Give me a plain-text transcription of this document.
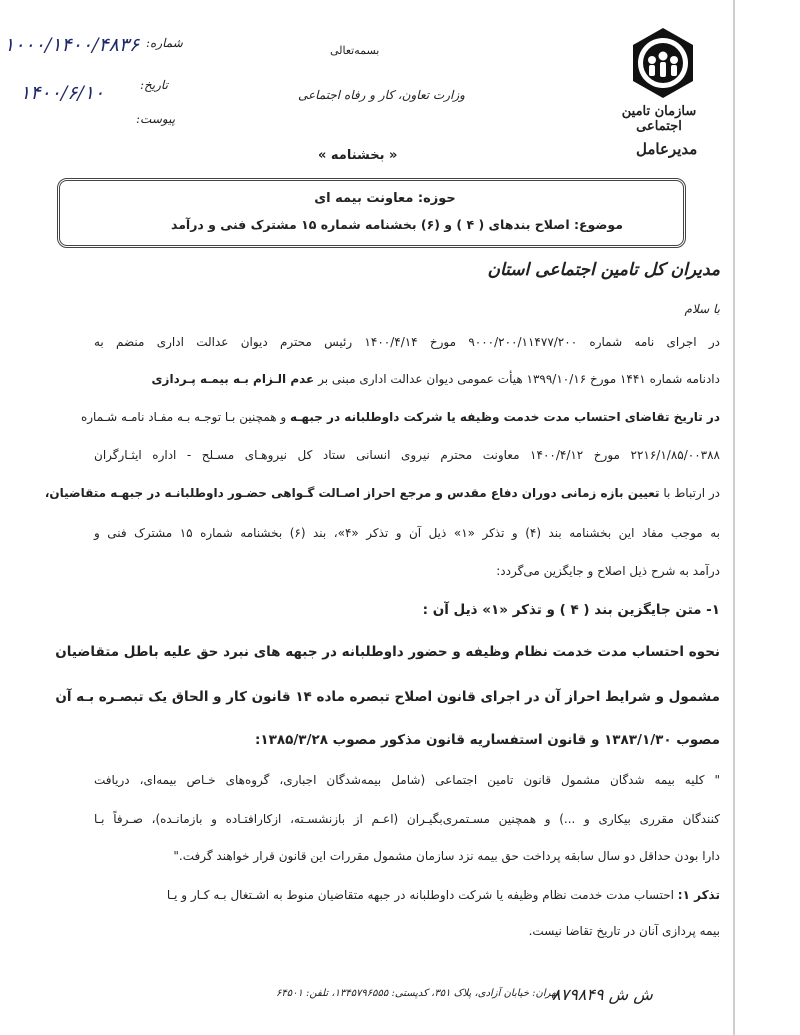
سازمان تامین اجتماعی
مدیرعامل
بسمه‌تعالی
وزارت تعاون، کار و رفاه اجتماعی
« بخشنامه »
شماره:
تاریخ:
پیوست:
۱۰۰۰/۱۴۰۰/۴۸۳۶
۱۴۰۰/۶/۱۰
حوزه: معاونت بیمه ای
موضوع: اصلاح بندهای ( ۴ ) و (۶) بخشنامه شماره ۱۵ مشترک فنی و درآمد
مدیران کل تامین اجتماعی استان
با سلام
در اجرای نامه شماره ۹۰۰۰/۲۰۰/۱۱۴۷۷/۲۰۰ مورخ ۱۴۰۰/۴/۱۴ رئیس محترم دیوان عدالت اداری منضم به
دادنامه شماره ۱۴۴۱ مورخ ۱۳۹۹/۱۰/۱۶ هیأت عمومی دیوان عدالت اداری مبنی بر عدم الـزام بـه بیمـه پـردازی
در تاریخ تقاضای احتساب مدت خدمت وظیفه یا شرکت داوطلبانه در جبهـه و همچنین بـا توجـه بـه مفـاد نامـه شـماره
۲۲۱۶/۱/۸۵/۰۰۳۸۸ مورخ ۱۴۰۰/۴/۱۲ معاونت محترم نیروی انسانی ستاد کل نیروهـای مسـلح - اداره ایثـارگران
در ارتباط با تعیین بازه زمانی دوران دفاع مقدس و مرجع احراز اصـالت گـواهی حضـور داوطلبانـه در جبهـه متقاضیان،
به موجب مفاد این بخشنامه بند (۴) و تذکر «۱» ذیل آن و تذکر «۴»، بند (۶) بخشنامه شماره ۱۵ مشترک فنی و
درآمد به شرح ذیل اصلاح و جایگزین می‌گردد:
۱- متن جایگزین بند ( ۴ ) و تذکر «۱» ذیل آن :
نحوه احتساب مدت خدمت نظام وظیفه و حضور داوطلبانه در جبهه های نبرد حق علیه باطل متقاضیان
مشمول و شرایط احراز آن در اجرای قانون اصلاح تبصره ماده ۱۴ قانون کار و الحاق یک تبصـره بـه آن
مصوب ۱۳۸۳/۱/۳۰ و قانون استفساریه قانون مذکور مصوب ۱۳۸۵/۳/۲۸:
" کلیه بیمه شدگان مشمول قانون تامین اجتماعی (شامل بیمه‌شدگان اجباری، گروه‌های خـاص بیمه‌ای، دریافت
کنندگان مقرری بیکاری و ...) و همچنین مسـتمری‌بگیـران (اعـم از بازنشسـته، ازکارافتـاده و بازمانـده)، صـرفاً بـا
دارا بودن حداقل دو سال سابقه پرداخت حق بیمه نزد سازمان مشمول مقررات این قانون قرار خواهند گرفت."
تذکر ۱: احتساب مدت خدمت نظام وظیفه یا شرکت داوطلبانه در جبهه متقاضیان منوط به اشـتغال بـه کـار و یـا
بیمه پردازی آنان در تاریخ تقاضا نیست.
ش ش ۸۷۹۸۴۹
تهران: خیابان آزادی، پلاک ۳۵۱، کدپستی: ۱۳۴۵۷۹۶۵۵۵، تلفن: ۶۴۵۰۱
